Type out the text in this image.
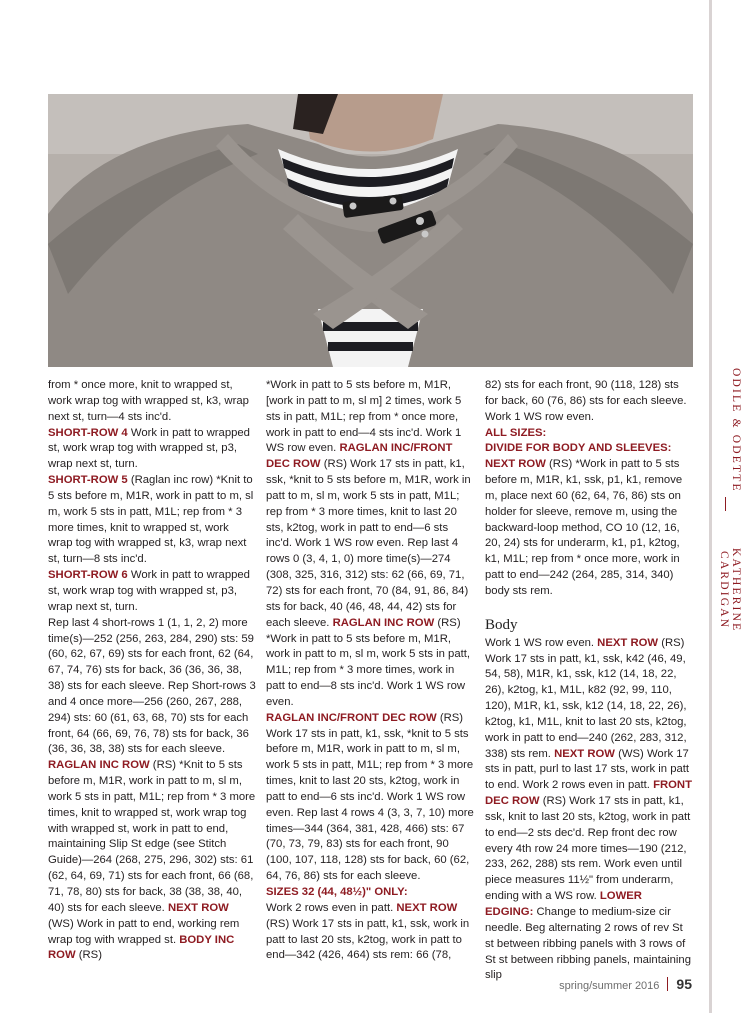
from * once more, knit to wrapped st, work wrap tog with wrapped st, k3, wrap next st, turn—4 sts inc'd.

SHORT-ROW 4 Work in patt to wrapped st, work wrap tog with wrapped st, p3, wrap next st, turn.

SHORT-ROW 5 (Raglan inc row) *Knit to 5 sts before m, M1R, work in patt to m, sl m, work 5 sts in patt, M1L; rep from * 3 more times, knit to wrapped st, work wrap tog with wrapped st, k3, wrap next st, turn—8 sts inc'd.

SHORT-ROW 6 Work in patt to wrapped st, work wrap tog with wrapped st, p3, wrap next st, turn.

Rep last 4 short-rows 1 (1, 1, 2, 2) more time(s)—252 (256, 263, 284, 290) sts: 59 (60, 62, 67, 69) sts for each front, 62 (64, 67, 74, 76) sts for back, 36 (36, 36, 38, 38) sts for each sleeve. Rep Short-rows 3 and 4 once more—256 (260, 267, 288, 294) sts: 60 (61, 63, 68, 70) sts for each front, 64 (66, 69, 76, 78) sts for back, 36 (36, 36, 38, 38) sts for each sleeve. RAGLAN INC ROW (RS) *Knit to 5 sts before m, M1R, work in patt to m, sl m, work 5 sts in patt, M1L; rep from * 3 more times, knit to wrapped st, work wrap tog with wrapped st, work in patt to end, maintaining Slip St edge (see Stitch Guide)—264 (268, 275, 296, 302) sts: 61 (62, 64, 69, 71) sts for each front, 66 (68, 71, 78, 80) sts for back, 38 (38, 38, 40, 40) sts for each sleeve. NEXT ROW (WS) Work in patt to end, working rem wrap tog with wrapped st. BODY INC ROW (RS)

*Work in patt to 5 sts before m, M1R, [work in patt to m, sl m] 2 times, work 5 sts in patt, M1L; rep from * once more, work in patt to end—4 sts inc'd. Work 1 WS row even. RAGLAN INC/FRONT DEC ROW (RS) Work 17 sts in patt, k1, ssk, *knit to 5 sts before m, M1R, work in patt to m, sl m, work 5 sts in patt, M1L; rep from * 3 more times, knit to last 20 sts, k2tog, work in patt to end—6 sts inc'd. Work 1 WS row even. Rep last 4 rows 0 (3, 4, 1, 0) more time(s)—274 (308, 325, 316, 312) sts: 62 (66, 69, 71, 72) sts for each front, 70 (84, 91, 86, 84) sts for back, 40 (46, 48, 44, 42) sts for each sleeve. RAGLAN INC ROW (RS) *Work in patt to 5 sts before m, M1R, work in patt to m, sl m, work 5 sts in patt, M1L; rep from * 3 more times, work in patt to end—8 sts inc'd. Work 1 WS row even.

RAGLAN INC/FRONT DEC ROW (RS) Work 17 sts in patt, k1, ssk, *knit to 5 sts before m, M1R, work in patt to m, sl m, work 5 sts in patt, M1L; rep from * 3 more times, knit to last 20 sts, k2tog, work in patt to end—6 sts inc'd. Work 1 WS row even. Rep last 4 rows 4 (3, 3, 7, 10) more times—344 (364, 381, 428, 466) sts: 67 (70, 73, 79, 83) sts for each front, 90 (100, 107, 118, 128) sts for back, 60 (62, 64, 76, 86) sts for each sleeve.

SIZES 32 (44, 48½)" ONLY:

Work 2 rows even in patt. NEXT ROW (RS) Work 17 sts in patt, k1, ssk, work in patt to last 20 sts, k2tog, work in patt to end—342 (426, 464) sts rem: 66 (78,

82) sts for each front, 90 (118, 128) sts for back, 60 (76, 86) sts for each sleeve. Work 1 WS row even.

ALL SIZES:

DIVIDE FOR BODY AND SLEEVES: NEXT ROW (RS) *Work in patt to 5 sts before m, M1R, k1, ssk, p1, k1, remove m, place next 60 (62, 64, 76, 86) sts on holder for sleeve, remove m, using the backward-loop method, CO 10 (12, 16, 20, 24) sts for underarm, k1, p1, k2tog, k1, M1L; rep from * once more, work in patt to end—242 (264, 285, 314, 340) body sts rem.

Body

Work 1 WS row even. NEXT ROW (RS) Work 17 sts in patt, k1, ssk, k42 (46, 49, 54, 58), M1R, k1, ssk, k12 (14, 18, 22, 26), k2tog, k1, M1L, k82 (92, 99, 110, 120), M1R, k1, ssk, k12 (14, 18, 22, 26), k2tog, k1, M1L, knit to last 20 sts, k2tog, work in patt to end—240 (262, 283, 312, 338) sts rem. NEXT ROW (WS) Work 17 sts in patt, purl to last 17 sts, work in patt to end. Work 2 rows even in patt. FRONT DEC ROW (RS) Work 17 sts in patt, k1, ssk, knit to last 20 sts, k2tog, work in patt to end—2 sts dec'd. Rep front dec row every 4th row 24 more times—190 (212, 233, 262, 288) sts rem. Work even until piece measures 11½" from underarm, ending with a WS row. LOWER EDGING: Change to medium-size cir needle. Beg alternating 2 rows of rev St st between ribbing panels with 3 rows of St st between ribbing panels, maintaining slip

ODILE & ODETTE
KATHERINE CARDIGAN
spring/summer 2016 95
